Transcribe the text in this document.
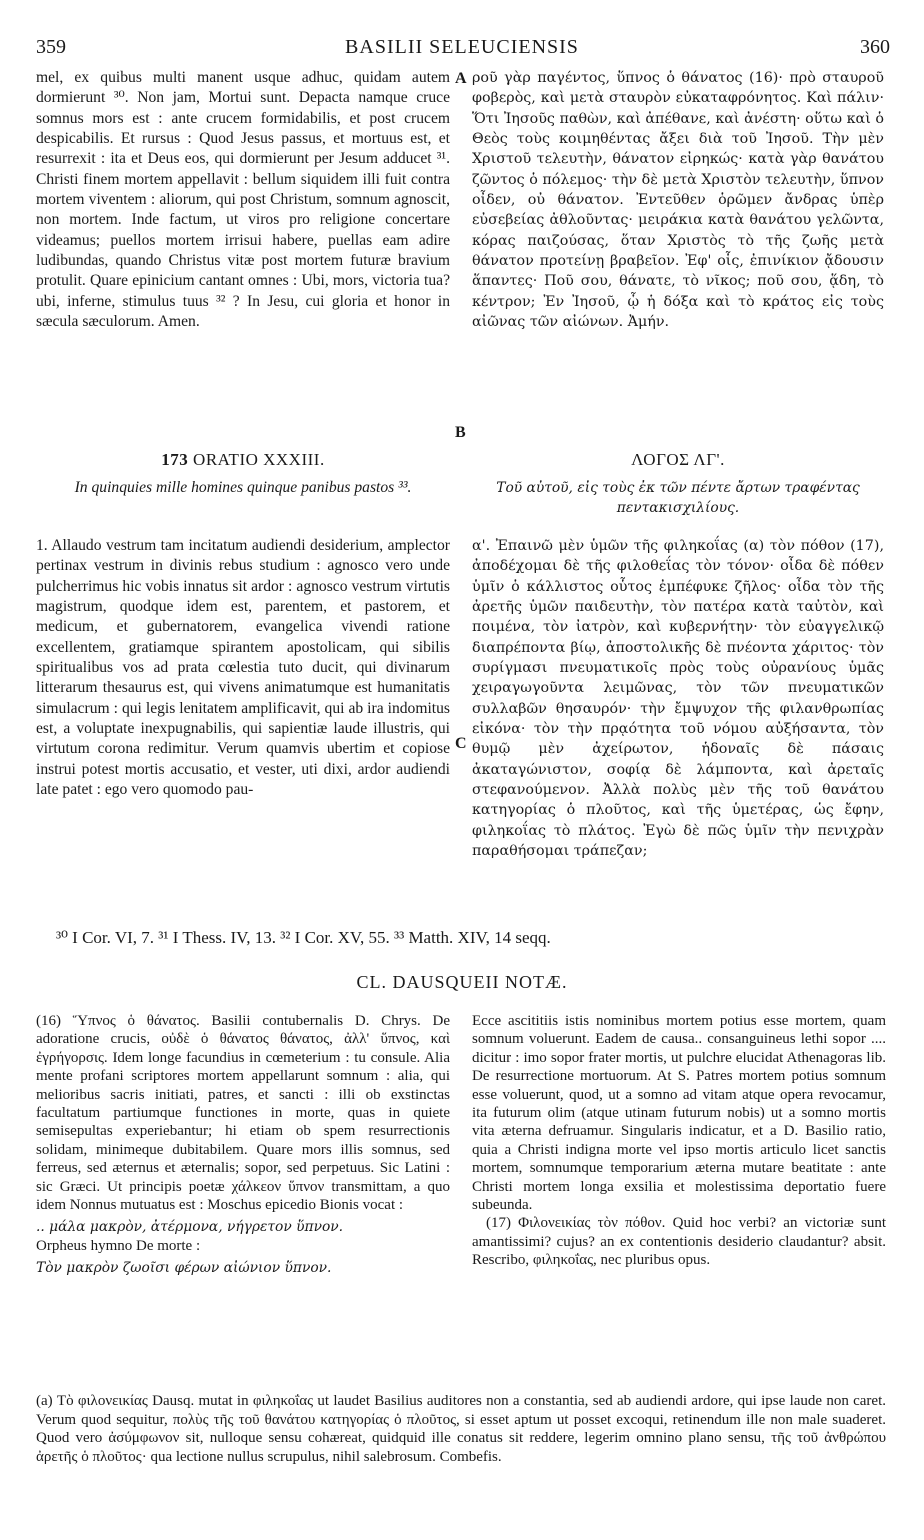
359	BASILII SELEUCIENSIS	360

mel, ex quibus multi manent usque adhuc, quidam autem dormierunt ³⁰. Non jam, Mortui sunt. Depacta namque cruce somnus mors est : ante crucem formidabilis, et post crucem despicabilis. Et rursus : Quod Jesus passus, et mortuus est, et resurrexit : ita et Deus eos, qui dormierunt per Jesum adducet ³¹. Christi finem mortem appellavit : bellum siquidem illi fuit contra mortem viventem : aliorum, qui post Christum, somnum agnoscit, non mortem. Inde factum, ut viros pro religione concertare videamus; puellos mortem irrisui habere, puellas eam adire ludibundas, quando Christus vitæ post mortem futuræ bravium protulit. Quare epinicium cantant omnes : Ubi, mors, victoria tua? ubi, inferne, stimulus tuus ³² ? In Jesu, cui gloria et honor in sæcula sæculorum. Amen.

ροῦ γὰρ παγέντος, ὕπνος ὁ θάνατος (16)· πρὸ σταυροῦ φοβερὸς, καὶ μετὰ σταυρὸν εὐκαταφρόνητος. Καὶ πάλιν· Ὅτι Ἰησοῦς παθὼν, καὶ ἀπέθανε, καὶ ἀνέστη· οὕτω καὶ ὁ Θεὸς τοὺς κοιμηθέντας ἄξει διὰ τοῦ Ἰησοῦ. Τὴν μὲν Χριστοῦ τελευτὴν, θάνατον εἰρηκώς· κατὰ γὰρ θανάτου ζῶντος ὁ πόλεμος· τὴν δὲ μετὰ Χριστὸν τελευτὴν, ὕπνον οἶδεν, οὐ θάνατον. Ἐντεῦθεν ὁρῶμεν ἄνδρας ὑπὲρ εὐσεβείας ἀθλοῦντας· μειράκια κατὰ θανάτου γελῶντα, κόρας παιζούσας, ὅταν Χριστὸς τὸ τῆς ζωῆς μετὰ θάνατον προτείνῃ βραβεῖον. Ἐφ' οἷς, ἐπινίκιον ᾄδουσιν ἅπαντες· Ποῦ σου, θάνατε, τὸ νῖκος; ποῦ σου, ᾅδη, τὸ κέντρον; Ἐν Ἰησοῦ, ᾧ ἡ δόξα καὶ τὸ κράτος εἰς τοὺς αἰῶνας τῶν αἰώνων. Ἀμήν.

A
B
C
173 ORATIO XXXIII.
In quinquies mille homines quinque panibus pastos ³³.
ΛΟΓΟΣ ΛΓ'.
Τοῦ αὐτοῦ, εἰς τοὺς ἐκ τῶν πέντε ἄρτων τραφέντας πεντακισχιλίους.

1. Allaudo vestrum tam incitatum audiendi desiderium, amplector pertinax vestrum in divinis rebus studium : agnosco vero unde pulcherrimus hic vobis innatus sit ardor : agnosco vestrum virtutis magistrum, quodque idem est, parentem, et pastorem, et medicum, et gubernatorem, evangelica vivendi ratione excellentem, gratiamque spirantem apostolicam, qui sibilis spiritualibus vos ad prata cœlestia tuto ducit, qui divinarum litterarum thesaurus est, qui vivens animatumque est humanitatis simulacrum : qui legis lenitatem amplificavit, qui ab ira indomitus est, a voluptate inexpugnabilis, qui sapientiæ laude illustris, qui virtutum corona redimitur. Verum quamvis ubertim et copiose instrui potest mortis accusatio, et vester, uti dixi, ardor audiendi late patet : ego vero quomodo pau-

α'. Ἐπαινῶ μὲν ὑμῶν τῆς φιληκοΐας (α) τὸν πόθον (17), ἀποδέχομαι δὲ τῆς φιλοθεΐας τὸν τόνον· οἶδα δὲ πόθεν ὑμῖν ὁ κάλλιστος οὗτος ἐμπέφυκε ζῆλος· οἶδα τὸν τῆς ἀρετῆς ὑμῶν παιδευτὴν, τὸν πατέρα κατὰ ταὐτὸν, καὶ ποιμένα, τὸν ἰατρὸν, καὶ κυβερνήτην· τὸν εὐαγγελικῷ διαπρέποντα βίῳ, ἀποστολικῆς δὲ πνέοντα χάριτος· τὸν συρίγμασι πνευματικοῖς πρὸς τοὺς οὐρανίους ὑμᾶς χειραγωγοῦντα λειμῶνας, τὸν τῶν πνευματικῶν συλλαβῶν θησαυρόν· τὴν ἔμψυχον τῆς φιλανθρωπίας εἰκόνα· τὸν τὴν πρᾳότητα τοῦ νόμου αὐξήσαντα, τὸν θυμῷ μὲν ἀχείρωτον, ἡδοναῖς δὲ πάσαις ἀκαταγώνιστον, σοφίᾳ δὲ λάμποντα, καὶ ἀρεταῖς στεφανούμενον. Ἀλλὰ πολὺς μὲν τῆς τοῦ θανάτου κατηγορίας ὁ πλοῦτος, καὶ τῆς ὑμετέρας, ὡς ἔφην, φιληκοΐας τὸ πλάτος. Ἐγὼ δὲ πῶς ὑμῖν τὴν πενιχρὰν παραθήσομαι τράπεζαν;

³⁰ I Cor. VI, 7. ³¹ I Thess. IV, 13. ³² I Cor. XV, 55. ³³ Matth. XIV, 14 seqq.
CL. DAUSQUEII NOTÆ.

(16) Ὕπνος ὁ θάνατος. Basilii contubernalis D. Chrys. De adoratione crucis, οὐδὲ ὁ θάνατος θάνατος, ἀλλ' ὕπνος, καὶ ἐγρήγορσις. Idem longe facundius in cœmeterium : tu consule. Alia mente profani scriptores mortem appellarunt somnum : alia, qui melioribus sacris initiati, patres, et sancti : illi ob exstinctas facultatum partiumque functiones in morte, quas in quiete semisepultas experiebantur; hi etiam ob spem resurrectionis solidam, minimeque dubitabilem. Quare mors illis somnus, sed ferreus, sed æternus et æternalis; sopor, sed perpetuus. Sic Latini : sic Græci. Ut principis poetæ χάλκεον ὕπνον transmittam, a quo idem Nonnus mutuatus est : Moschus epicedio Bionis vocat :

.. μάλα μακρὸν, ἀτέρμονα, νήγρετον ὕπνον.

Orpheus hymno De morte :

Τὸν μακρὸν ζωοῖσι φέρων αἰώνιον ὕπνον.

Ecce ascititiis istis nominibus mortem potius esse mortem, quam somnum voluerunt. Eadem de causa.. consanguineus lethi sopor .... dicitur : imo sopor frater mortis, ut pulchre elucidat Athenagoras lib. De resurrectione mortuorum. At S. Patres mortem potius somnum esse voluerunt, quod, ut a somno ad vitam atque opera revocamur, ita futurum olim (atque utinam futurum nobis) ut a somno mortis vita æterna defruamur. Singularis indicatur, et a D. Basilio ratio, quia a Christi indigna morte vel ipso mortis articulo licet sanctis mortem, somnumque temporarium æterna mutare beatitate : ante Christi mortem longa exsilia et molestissima deportatio fuere subeunda.

(17) Φιλονεικίας τὸν πόθον. Quid hoc verbi? an victoriæ sunt amantissimi? cujus? an ex contentionis desiderio claudantur? absit. Rescribo, φιληκοΐας, nec pluribus opus.

(a) Τὸ φιλονεικίας Dausq. mutat in φιληκοΐας ut laudet Basilius auditores non a constantia, sed ab audiendi ardore, qui ipse laude non caret. Verum quod sequitur, πολὺς τῆς τοῦ θανάτου κατηγορίας ὁ πλοῦτος, si esset aptum ut posset excoqui, retinendum ille non male suaderet. Quod vero ἀσύμφωνον sit, nulloque sensu cohæreat, quidquid ille conatus sit reddere, legerim omnino plano sensu, τῆς τοῦ ἀνθρώπου ἀρετῆς ὁ πλοῦτος· qua lectione nullus scrupulus, nihil salebrosum. Combefis.
